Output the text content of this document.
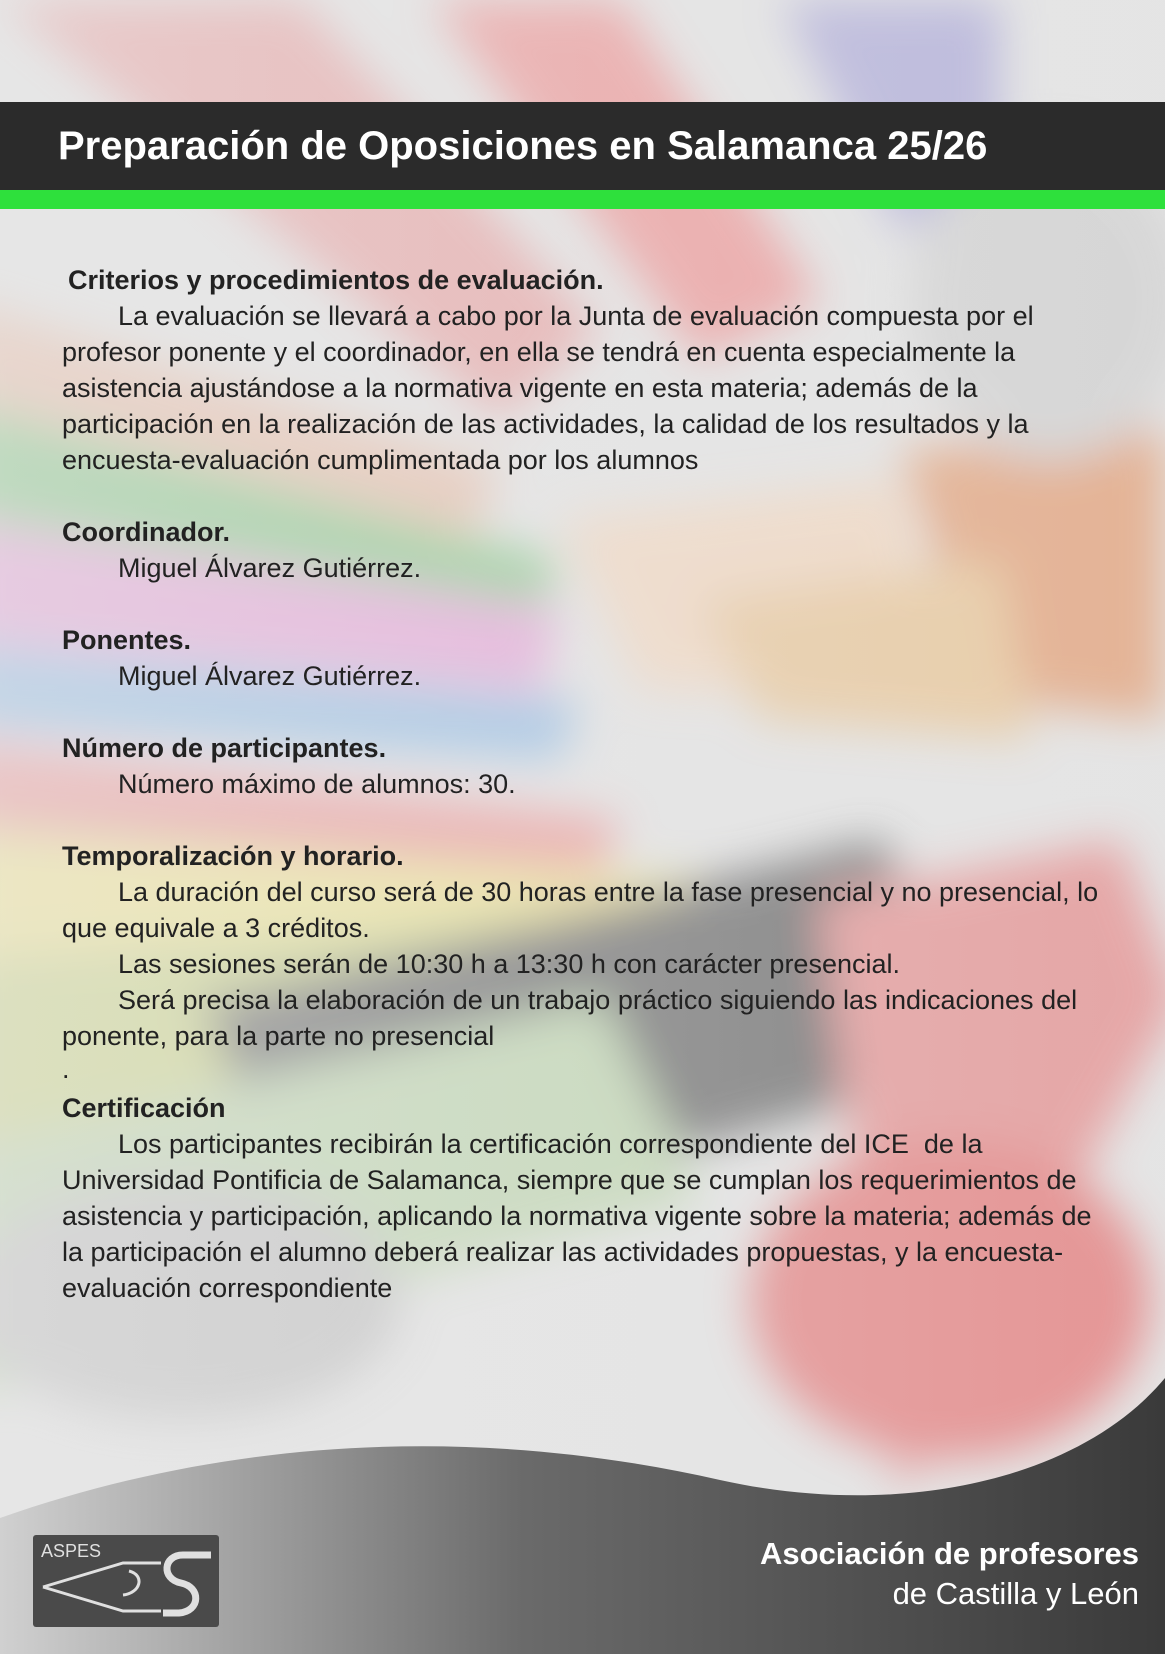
Preparación de Oposiciones en Salamanca 25/26
Criterios y procedimientos de evaluación.

La evaluación se llevará a cabo por la Junta de evaluación compuesta por el profesor ponente y el coordinador, en ella se tendrá en cuenta especialmente la asistencia ajustándose a la normativa vigente en esta materia; además de la participación en la realización de las actividades, la calidad de los resultados y la encuesta-evaluación cumplimentada por los alumnos

Coordinador.

Miguel Álvarez Gutiérrez.

Ponentes.

Miguel Álvarez Gutiérrez.

Número de participantes.

Número máximo de alumnos: 30.

Temporalización y horario.

La duración del curso será de 30 horas entre la fase presencial y no presencial, lo que equivale a 3 créditos.

Las sesiones serán de 10:30 h a 13:30 h con carácter presencial.

Será precisa la elaboración de un trabajo práctico siguiendo las indicaciones del ponente, para la parte no presencial

.
Certificación

Los participantes recibirán la certificación correspondiente del ICE  de la Universidad Pontificia de Salamanca, siempre que se cumplan los requerimientos de asistencia y participación, aplicando la normativa vigente sobre la materia; además de la participación el alumno deberá realizar las actividades propuestas, y la encuesta-evaluación correspondiente

ASPES	Asociación de profesores
de Castilla y León
